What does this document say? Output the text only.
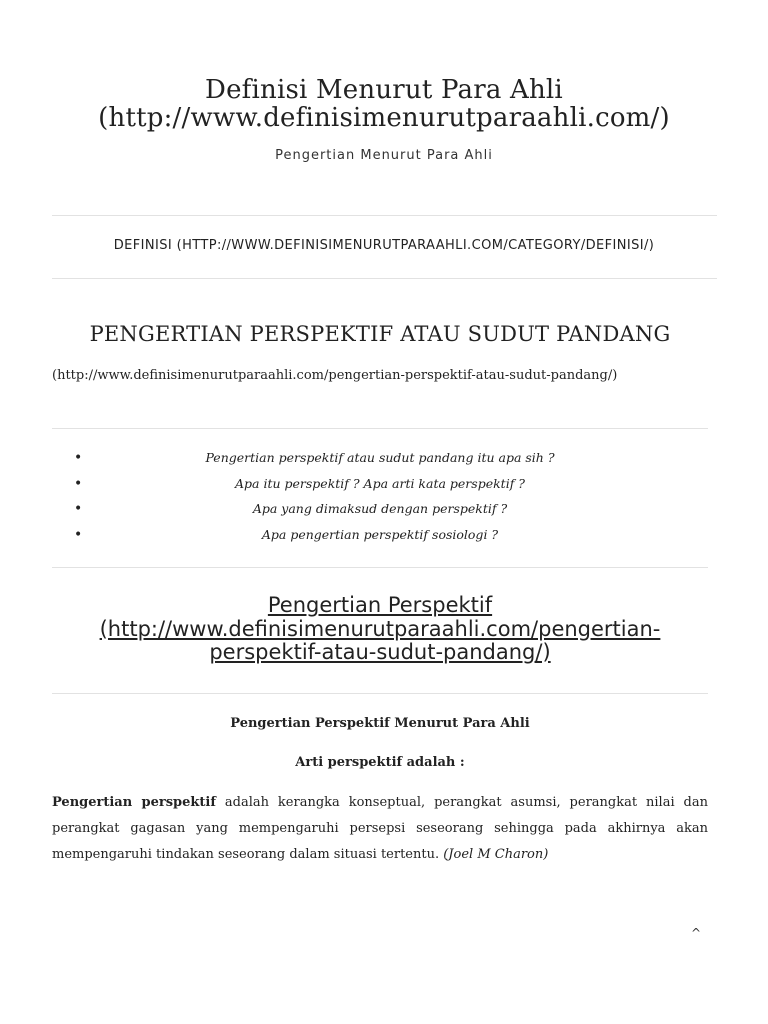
Definisi Menurut Para Ahli
(http://www.definisimenurutparaahli.com/)
Pengertian Menurut Para Ahli
DEFINISI (HTTP://WWW.DEFINISIMENURUTPARAAHLI.COM/CATEGORY/DEFINISI/)
PENGERTIAN PERSPEKTIF ATAU SUDUT PANDANG
(http://www.definisimenurutparaahli.com/pengertian-perspektif-atau-sudut-pandang/)
•	Pengertian perspektif atau sudut pandang itu apa sih ?
•	Apa itu perspektif ? Apa arti kata perspektif ?
•	Apa yang dimaksud dengan perspektif ?
•	Apa pengertian perspektif sosiologi ?
Pengertian Perspektif
(http://www.definisimenurutparaahli.com/pengertian-
perspektif-atau-sudut-pandang/)
Pengertian Perspektif Menurut Para Ahli
Arti perspektif adalah :

Pengertian perspektif adalah kerangka konseptual, perangkat asumsi, perangkat nilai dan perangkat gagasan yang mempengaruhi persepsi seseorang sehingga pada akhirnya akan mempengaruhi tindakan seseorang dalam situasi tertentu. (Joel M Charon)

^
